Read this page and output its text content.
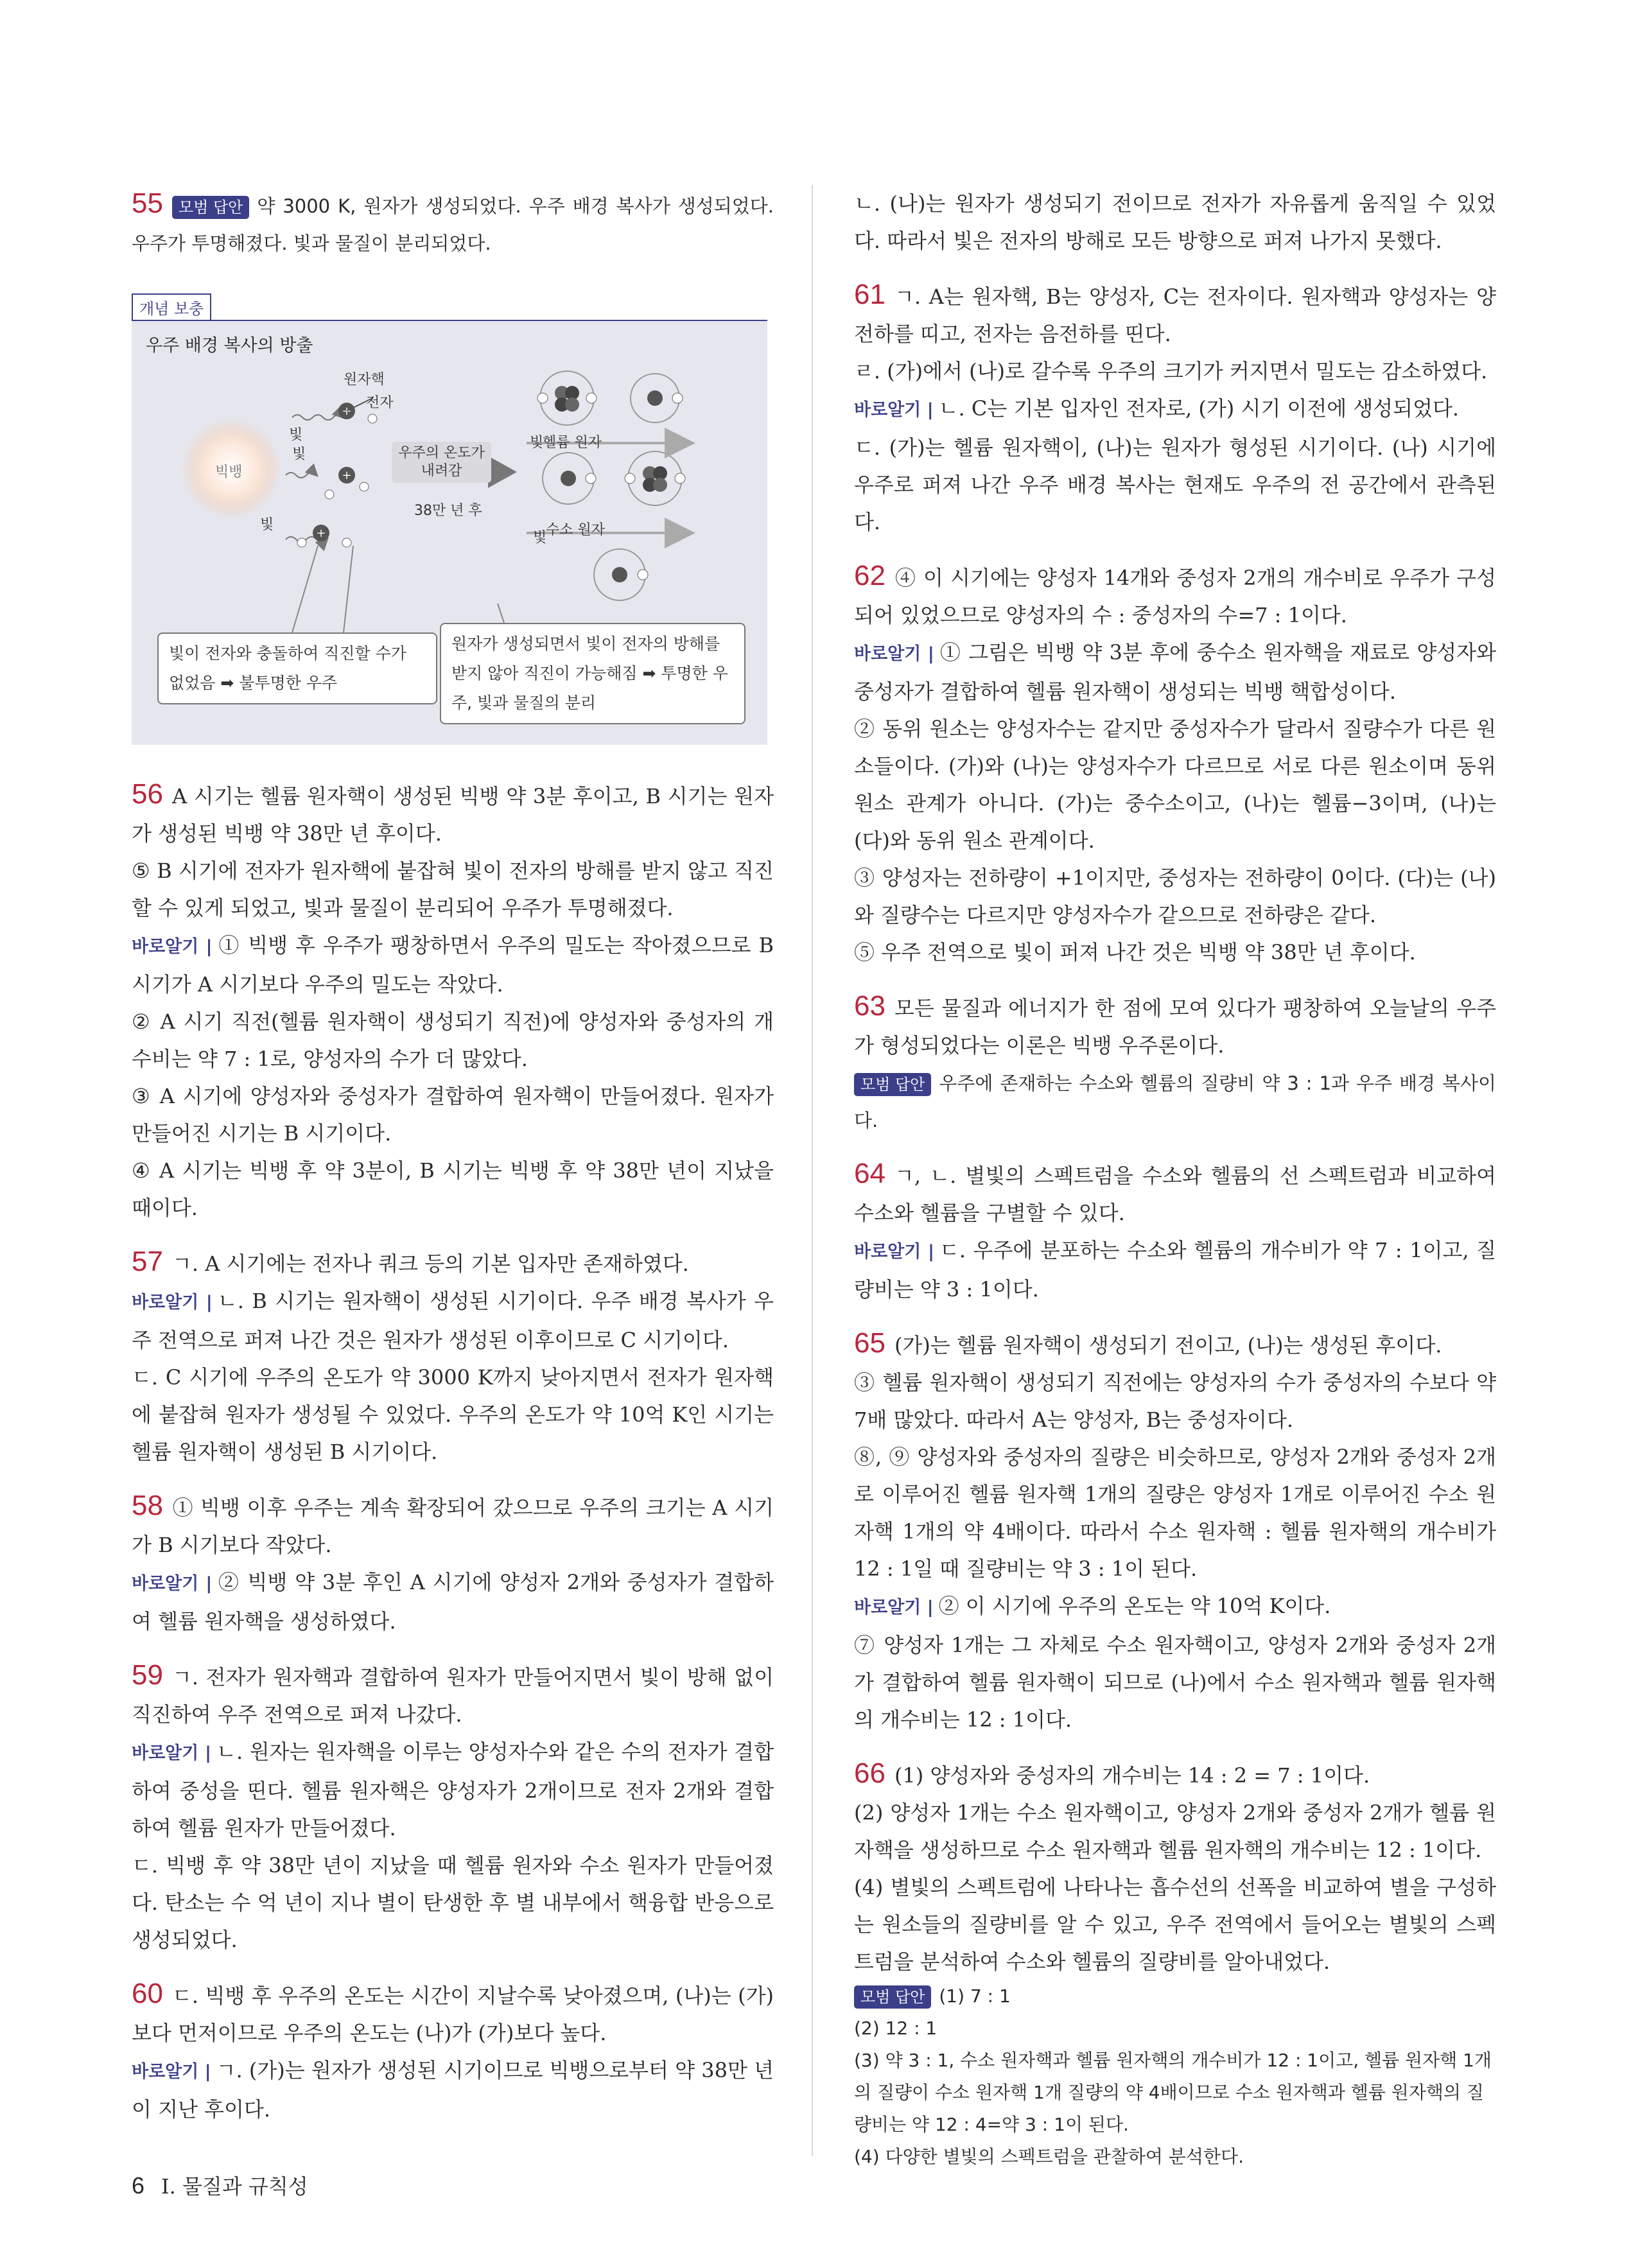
55 모범 답안 약 3000 K, 원자가 생성되었다. 우주 배경 복사가 생성되었다. 우주가 투명해졌다. 빛과 물질이 분리되었다.

개념 보충
우주 배경 복사의 방출
+
+
+
원자핵
전자
빛
빛
빛
빅뱅
우주의 온도가
내려감
38만 년 후
빛
헬륨 원자
빛
수소 원자
빛이 전자와 충돌하여 직진할 수가 없었음 ➡ 불투명한 우주
원자가 생성되면서 빛이 전자의 방해를 받지 않아 직진이 가능해짐 ➡ 투명한 우주, 빛과 물질의 분리

56 A 시기는 헬륨 원자핵이 생성된 빅뱅 약 3분 후이고, B 시기는 원자가 생성된 빅뱅 약 38만 년 후이다.

⑤ B 시기에 전자가 원자핵에 붙잡혀 빛이 전자의 방해를 받지 않고 직진할 수 있게 되었고, 빛과 물질이 분리되어 우주가 투명해졌다.

바로알기 | ① 빅뱅 후 우주가 팽창하면서 우주의 밀도는 작아졌으므로 B 시기가 A 시기보다 우주의 밀도는 작았다.

② A 시기 직전(헬륨 원자핵이 생성되기 직전)에 양성자와 중성자의 개수비는 약 7 : 1로, 양성자의 수가 더 많았다.

③ A 시기에 양성자와 중성자가 결합하여 원자핵이 만들어졌다. 원자가 만들어진 시기는 B 시기이다.

④ A 시기는 빅뱅 후 약 3분이, B 시기는 빅뱅 후 약 38만 년이 지났을 때이다.

57 ㄱ. A 시기에는 전자나 쿼크 등의 기본 입자만 존재하였다.

바로알기 | ㄴ. B 시기는 원자핵이 생성된 시기이다. 우주 배경 복사가 우주 전역으로 퍼져 나간 것은 원자가 생성된 이후이므로 C 시기이다.

ㄷ. C 시기에 우주의 온도가 약 3000 K까지 낮아지면서 전자가 원자핵에 붙잡혀 원자가 생성될 수 있었다. 우주의 온도가 약 10억 K인 시기는 헬륨 원자핵이 생성된 B 시기이다.

58 ① 빅뱅 이후 우주는 계속 확장되어 갔으므로 우주의 크기는 A 시기가 B 시기보다 작았다.

바로알기 | ② 빅뱅 약 3분 후인 A 시기에 양성자 2개와 중성자가 결합하여 헬륨 원자핵을 생성하였다.

59 ㄱ. 전자가 원자핵과 결합하여 원자가 만들어지면서 빛이 방해 없이 직진하여 우주 전역으로 퍼져 나갔다.

바로알기 | ㄴ. 원자는 원자핵을 이루는 양성자수와 같은 수의 전자가 결합하여 중성을 띤다. 헬륨 원자핵은 양성자가 2개이므로 전자 2개와 결합하여 헬륨 원자가 만들어졌다.

ㄷ. 빅뱅 후 약 38만 년이 지났을 때 헬륨 원자와 수소 원자가 만들어졌다. 탄소는 수 억 년이 지나 별이 탄생한 후 별 내부에서 핵융합 반응으로 생성되었다.

60 ㄷ. 빅뱅 후 우주의 온도는 시간이 지날수록 낮아졌으며, (나)는 (가)보다 먼저이므로 우주의 온도는 (나)가 (가)보다 높다.

바로알기 | ㄱ. (가)는 원자가 생성된 시기이므로 빅뱅으로부터 약 38만 년이 지난 후이다.

ㄴ. (나)는 원자가 생성되기 전이므로 전자가 자유롭게 움직일 수 있었다. 따라서 빛은 전자의 방해로 모든 방향으로 퍼져 나가지 못했다.

61 ㄱ. A는 원자핵, B는 양성자, C는 전자이다. 원자핵과 양성자는 양전하를 띠고, 전자는 음전하를 띤다.

ㄹ. (가)에서 (나)로 갈수록 우주의 크기가 커지면서 밀도는 감소하였다.

바로알기 | ㄴ. C는 기본 입자인 전자로, (가) 시기 이전에 생성되었다.

ㄷ. (가)는 헬륨 원자핵이, (나)는 원자가 형성된 시기이다. (나) 시기에 우주로 퍼져 나간 우주 배경 복사는 현재도 우주의 전 공간에서 관측된다.

62 ④ 이 시기에는 양성자 14개와 중성자 2개의 개수비로 우주가 구성되어 있었으므로 양성자의 수 : 중성자의 수=7 : 1이다.

바로알기 | ① 그림은 빅뱅 약 3분 후에 중수소 원자핵을 재료로 양성자와 중성자가 결합하여 헬륨 원자핵이 생성되는 빅뱅 핵합성이다.

② 동위 원소는 양성자수는 같지만 중성자수가 달라서 질량수가 다른 원소들이다. (가)와 (나)는 양성자수가 다르므로 서로 다른 원소이며 동위 원소 관계가 아니다. (가)는 중수소이고, (나)는 헬륨−3이며, (나)는 (다)와 동위 원소 관계이다.

③ 양성자는 전하량이 +1이지만, 중성자는 전하량이 0이다. (다)는 (나)와 질량수는 다르지만 양성자수가 같으므로 전하량은 같다.

⑤ 우주 전역으로 빛이 퍼져 나간 것은 빅뱅 약 38만 년 후이다.

63 모든 물질과 에너지가 한 점에 모여 있다가 팽창하여 오늘날의 우주가 형성되었다는 이론은 빅뱅 우주론이다.

모범 답안 우주에 존재하는 수소와 헬륨의 질량비 약 3 : 1과 우주 배경 복사이다.

64 ㄱ, ㄴ. 별빛의 스펙트럼을 수소와 헬륨의 선 스펙트럼과 비교하여 수소와 헬륨을 구별할 수 있다.

바로알기 | ㄷ. 우주에 분포하는 수소와 헬륨의 개수비가 약 7 : 1이고, 질량비는 약 3 : 1이다.

65 (가)는 헬륨 원자핵이 생성되기 전이고, (나)는 생성된 후이다.

③ 헬륨 원자핵이 생성되기 직전에는 양성자의 수가 중성자의 수보다 약 7배 많았다. 따라서 A는 양성자, B는 중성자이다.

⑧, ⑨ 양성자와 중성자의 질량은 비슷하므로, 양성자 2개와 중성자 2개로 이루어진 헬륨 원자핵 1개의 질량은 양성자 1개로 이루어진 수소 원자핵 1개의 약 4배이다. 따라서 수소 원자핵 : 헬륨 원자핵의 개수비가 12 : 1일 때 질량비는 약 3 : 1이 된다.

바로알기 | ② 이 시기에 우주의 온도는 약 10억 K이다.

⑦ 양성자 1개는 그 자체로 수소 원자핵이고, 양성자 2개와 중성자 2개가 결합하여 헬륨 원자핵이 되므로 (나)에서 수소 원자핵과 헬륨 원자핵의 개수비는 12 : 1이다.

66 (1) 양성자와 중성자의 개수비는 14 : 2 = 7 : 1이다.

(2) 양성자 1개는 수소 원자핵이고, 양성자 2개와 중성자 2개가 헬륨 원자핵을 생성하므로 수소 원자핵과 헬륨 원자핵의 개수비는 12 : 1이다.

(4) 별빛의 스펙트럼에 나타나는 흡수선의 선폭을 비교하여 별을 구성하는 원소들의 질량비를 알 수 있고, 우주 전역에서 들어오는 별빛의 스펙트럼을 분석하여 수소와 헬륨의 질량비를 알아내었다.

모범 답안 (1) 7 : 1

(2) 12 : 1

(3) 약 3 : 1, 수소 원자핵과 헬륨 원자핵의 개수비가 12 : 1이고, 헬륨 원자핵 1개의 질량이 수소 원자핵 1개 질량의 약 4배이므로 수소 원자핵과 헬륨 원자핵의 질량비는 약 12 : 4=약 3 : 1이 된다.

(4) 다양한 별빛의 스펙트럼을 관찰하여 분석한다.

6 Ⅰ. 물질과 규칙성
